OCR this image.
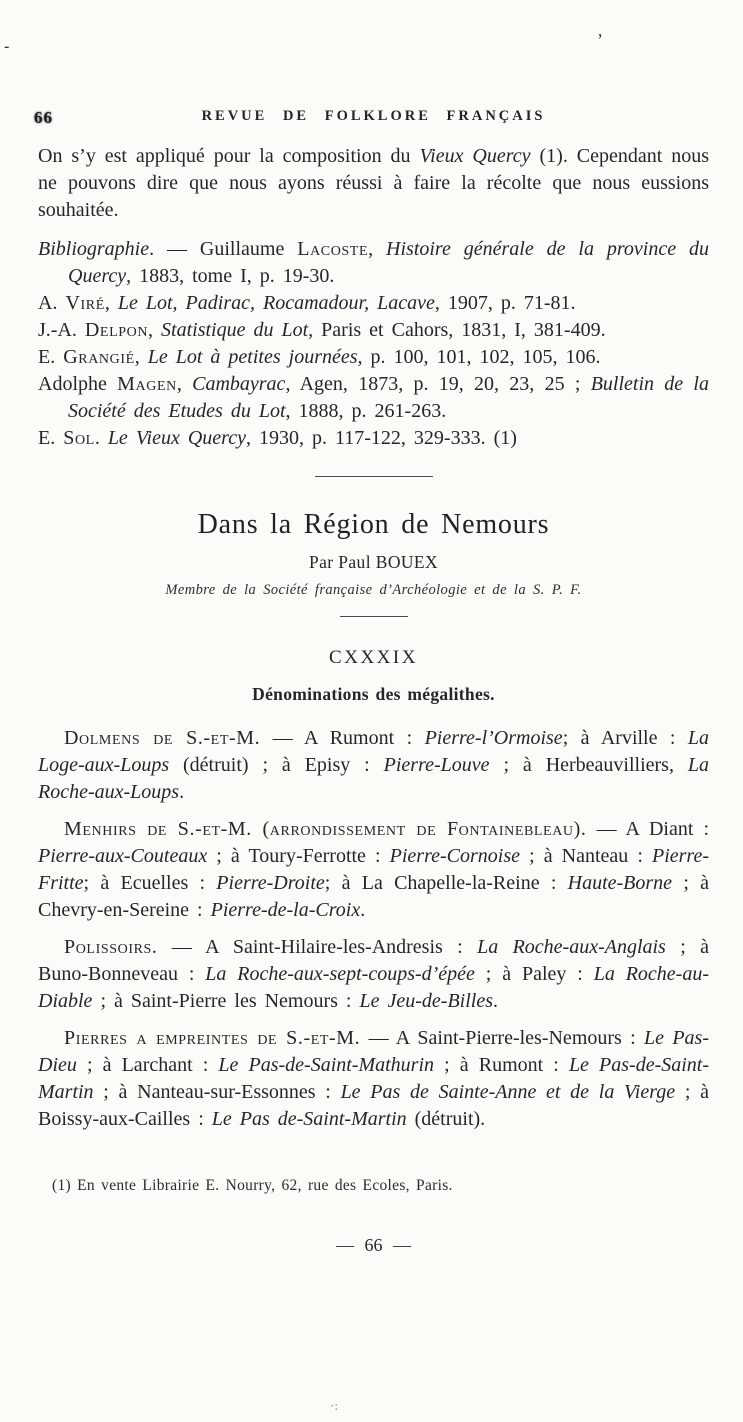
-	’
·:
66	REVUE DE FOLKLORE FRANÇAIS

On s’y est appliqué pour la composition du Vieux Quercy (1). Cependant nous ne pouvons dire que nous ayons réussi à faire la récolte que nous eussions souhaitée.

Bibliographie. — Guillaume Lacoste, Histoire générale de la province du Quercy, 1883, tome I, p. 19-30.

A. Viré, Le Lot, Padirac, Rocamadour, Lacave, 1907, p. 71-81.

J.-A. Delpon, Statistique du Lot, Paris et Cahors, 1831, I, 381-409.

E. Grangié, Le Lot à petites journées, p. 100, 101, 102, 105, 106.

Adolphe Magen, Cambayrac, Agen, 1873, p. 19, 20, 23, 25 ; Bulletin de la Société des Etudes du Lot, 1888, p. 261-263.

E. Sol. Le Vieux Quercy, 1930, p. 117-122, 329-333. (1)

Dans la Région de Nemours
Par Paul BOUEX
Membre de la Société française d’Archéologie et de la S. P. F.
CXXXIX
Dénominations des mégalithes.

Dolmens de S.-et-M. — A Rumont : Pierre-l’Ormoise; à Arville : La Loge-aux-Loups (détruit) ; à Episy : Pierre-Louve ; à Herbeauvilliers, La Roche-aux-Loups.

Menhirs de S.-et-M. (arrondissement de Fontainebleau). — A Diant : Pierre-aux-Couteaux ; à Toury-Ferrotte : Pierre-Cornoise ; à Nanteau : Pierre-Fritte; à Ecuelles : Pierre-Droite; à La Chapelle-la-Reine : Haute-Borne ; à Chevry-en-Sereine : Pierre-de-la-Croix.

Polissoirs. — A Saint-Hilaire-les-Andresis : La Roche-aux-Anglais ; à Buno-Bonneveau : La Roche-aux-sept-coups-d’épée ; à Paley : La Roche-au-Diable ; à Saint-Pierre les Nemours : Le Jeu-de-Billes.

Pierres a empreintes de S.-et-M. — A Saint-Pierre-les-Nemours : Le Pas-Dieu ; à Larchant : Le Pas-de-Saint-Mathurin ; à Rumont : Le Pas-de-Saint-Martin ; à Nanteau-sur-Essonnes : Le Pas de Sainte-Anne et de la Vierge ; à Boissy-aux-Cailles : Le Pas de-Saint-Martin (détruit).

(1) En vente Librairie E. Nourry, 62, rue des Ecoles, Paris.
— 66 —
